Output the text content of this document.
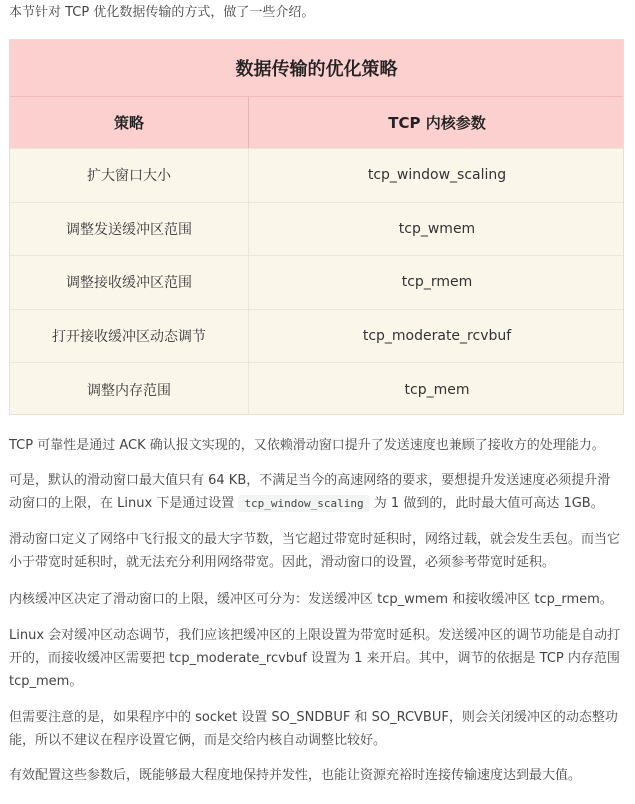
本节针对 TCP 优化数据传输的方式，做了一些介绍。
数据传输的优化策略
策略	TCP 内核参数
扩大窗口大小	tcp_window_scaling
调整发送缓冲区范围	tcp_wmem
调整接收缓冲区范围	tcp_rmem
打开接收缓冲区动态调节	tcp_moderate_rcvbuf
调整内存范围	tcp_mem

TCP 可靠性是通过 ACK 确认报文实现的，又依赖滑动窗口提升了发送速度也兼顾了接收方的处理能力。

可是，默认的滑动窗口最大值只有 64 KB，不满足当今的高速网络的要求，要想提升发送速度必须提升滑动窗口的上限，在 Linux 下是通过设置 tcp_window_scaling 为 1 做到的，此时最大值可高达 1GB。

滑动窗口定义了网络中飞行报文的最大字节数，当它超过带宽时延积时，网络过载，就会发生丢包。而当它小于带宽时延积时，就无法充分利用网络带宽。因此，滑动窗口的设置，必须参考带宽时延积。

内核缓冲区决定了滑动窗口的上限，缓冲区可分为：发送缓冲区 tcp_wmem 和接收缓冲区 tcp_rmem。

Linux 会对缓冲区动态调节，我们应该把缓冲区的上限设置为带宽时延积。发送缓冲区的调节功能是自动打开的，而接收缓冲区需要把 tcp_moderate_rcvbuf 设置为 1 来开启。其中，调节的依据是 TCP 内存范围 tcp_mem。

但需要注意的是，如果程序中的 socket 设置 SO_SNDBUF 和 SO_RCVBUF，则会关闭缓冲区的动态整功能，所以不建议在程序设置它俩，而是交给内核自动调整比较好。

有效配置这些参数后，既能够最大程度地保持并发性，也能让资源充裕时连接传输速度达到最大值。
